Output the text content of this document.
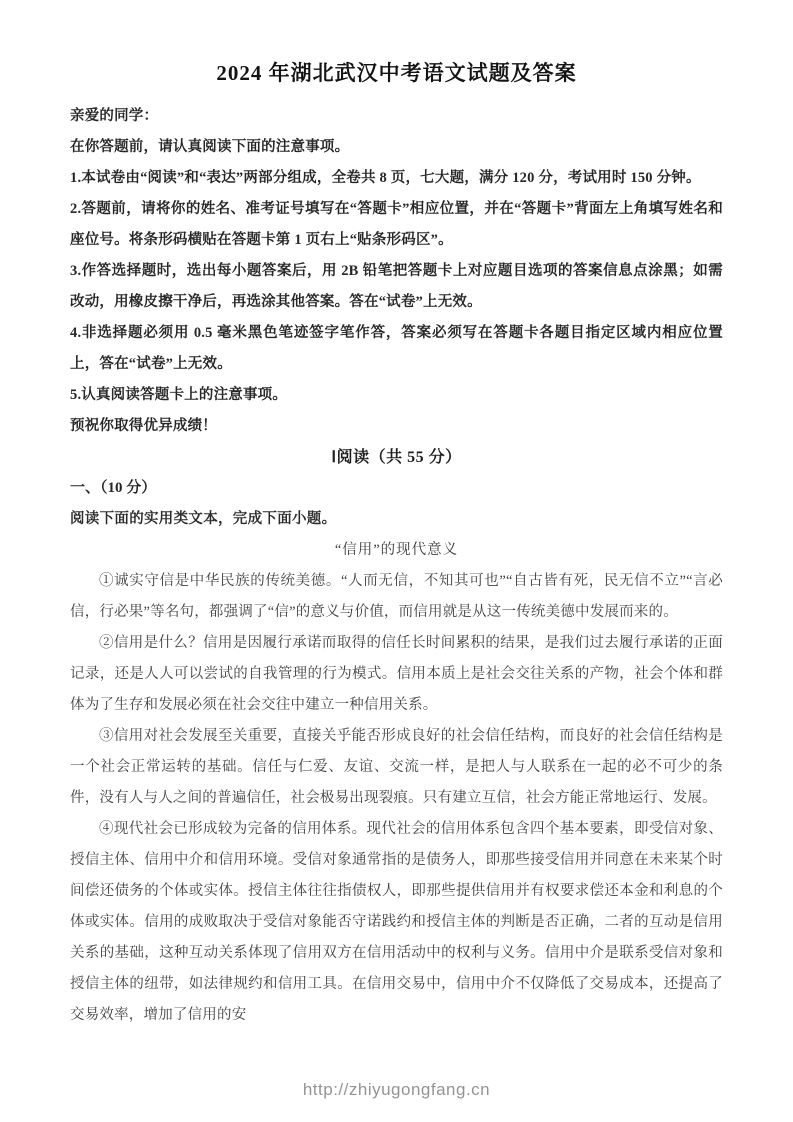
2024 年湖北武汉中考语文试题及答案

亲爱的同学：

在你答题前，请认真阅读下面的注意事项。

1.本试卷由“阅读”和“表达”两部分组成，全卷共 8 页，七大题，满分 120 分，考试用时 150 分钟。

2.答题前，请将你的姓名、准考证号填写在“答题卡”相应位置，并在“答题卡”背面左上角填写姓名和座位号。将条形码横贴在答题卡第 1 页右上“贴条形码区”。

3.作答选择题时，选出每小题答案后，用 2B 铅笔把答题卡上对应题目选项的答案信息点涂黑；如需改动，用橡皮擦干净后，再选涂其他答案。答在“试卷”上无效。

4.非选择题必须用 0.5 毫米黑色笔迹签字笔作答，答案必须写在答题卡各题目指定区域内相应位置上，答在“试卷”上无效。

5.认真阅读答题卡上的注意事项。

预祝你取得优异成绩！

Ⅰ阅读（共 55 分）

一、（10 分）

阅读下面的实用类文本，完成下面小题。

“信用”的现代意义

①诚实守信是中华民族的传统美德。“人而无信，不知其可也”“自古皆有死，民无信不立”“言必信，行必果”等名句，都强调了“信”的意义与价值，而信用就是从这一传统美德中发展而来的。

②信用是什么？信用是因履行承诺而取得的信任长时间累积的结果，是我们过去履行承诺的正面记录，还是人人可以尝试的自我管理的行为模式。信用本质上是社会交往关系的产物，社会个体和群体为了生存和发展必须在社会交往中建立一种信用关系。

③信用对社会发展至关重要，直接关乎能否形成良好的社会信任结构，而良好的社会信任结构是一个社会正常运转的基础。信任与仁爱、友谊、交流一样，是把人与人联系在一起的必不可少的条件，没有人与人之间的普遍信任，社会极易出现裂痕。只有建立互信，社会方能正常地运行、发展。

④现代社会已形成较为完备的信用体系。现代社会的信用体系包含四个基本要素，即受信对象、授信主体、信用中介和信用环境。受信对象通常指的是债务人，即那些接受信用并同意在未来某个时间偿还债务的个体或实体。授信主体往往指债权人，即那些提供信用并有权要求偿还本金和利息的个体或实体。信用的成败取决于受信对象能否守诺践约和授信主体的判断是否正确，二者的互动是信用关系的基础，这种互动关系体现了信用双方在信用活动中的权利与义务。信用中介是联系受信对象和授信主体的纽带，如法律规约和信用工具。在信用交易中，信用中介不仅降低了交易成本，还提高了交易效率，增加了信用的安

http://zhiyugongfang.cn
